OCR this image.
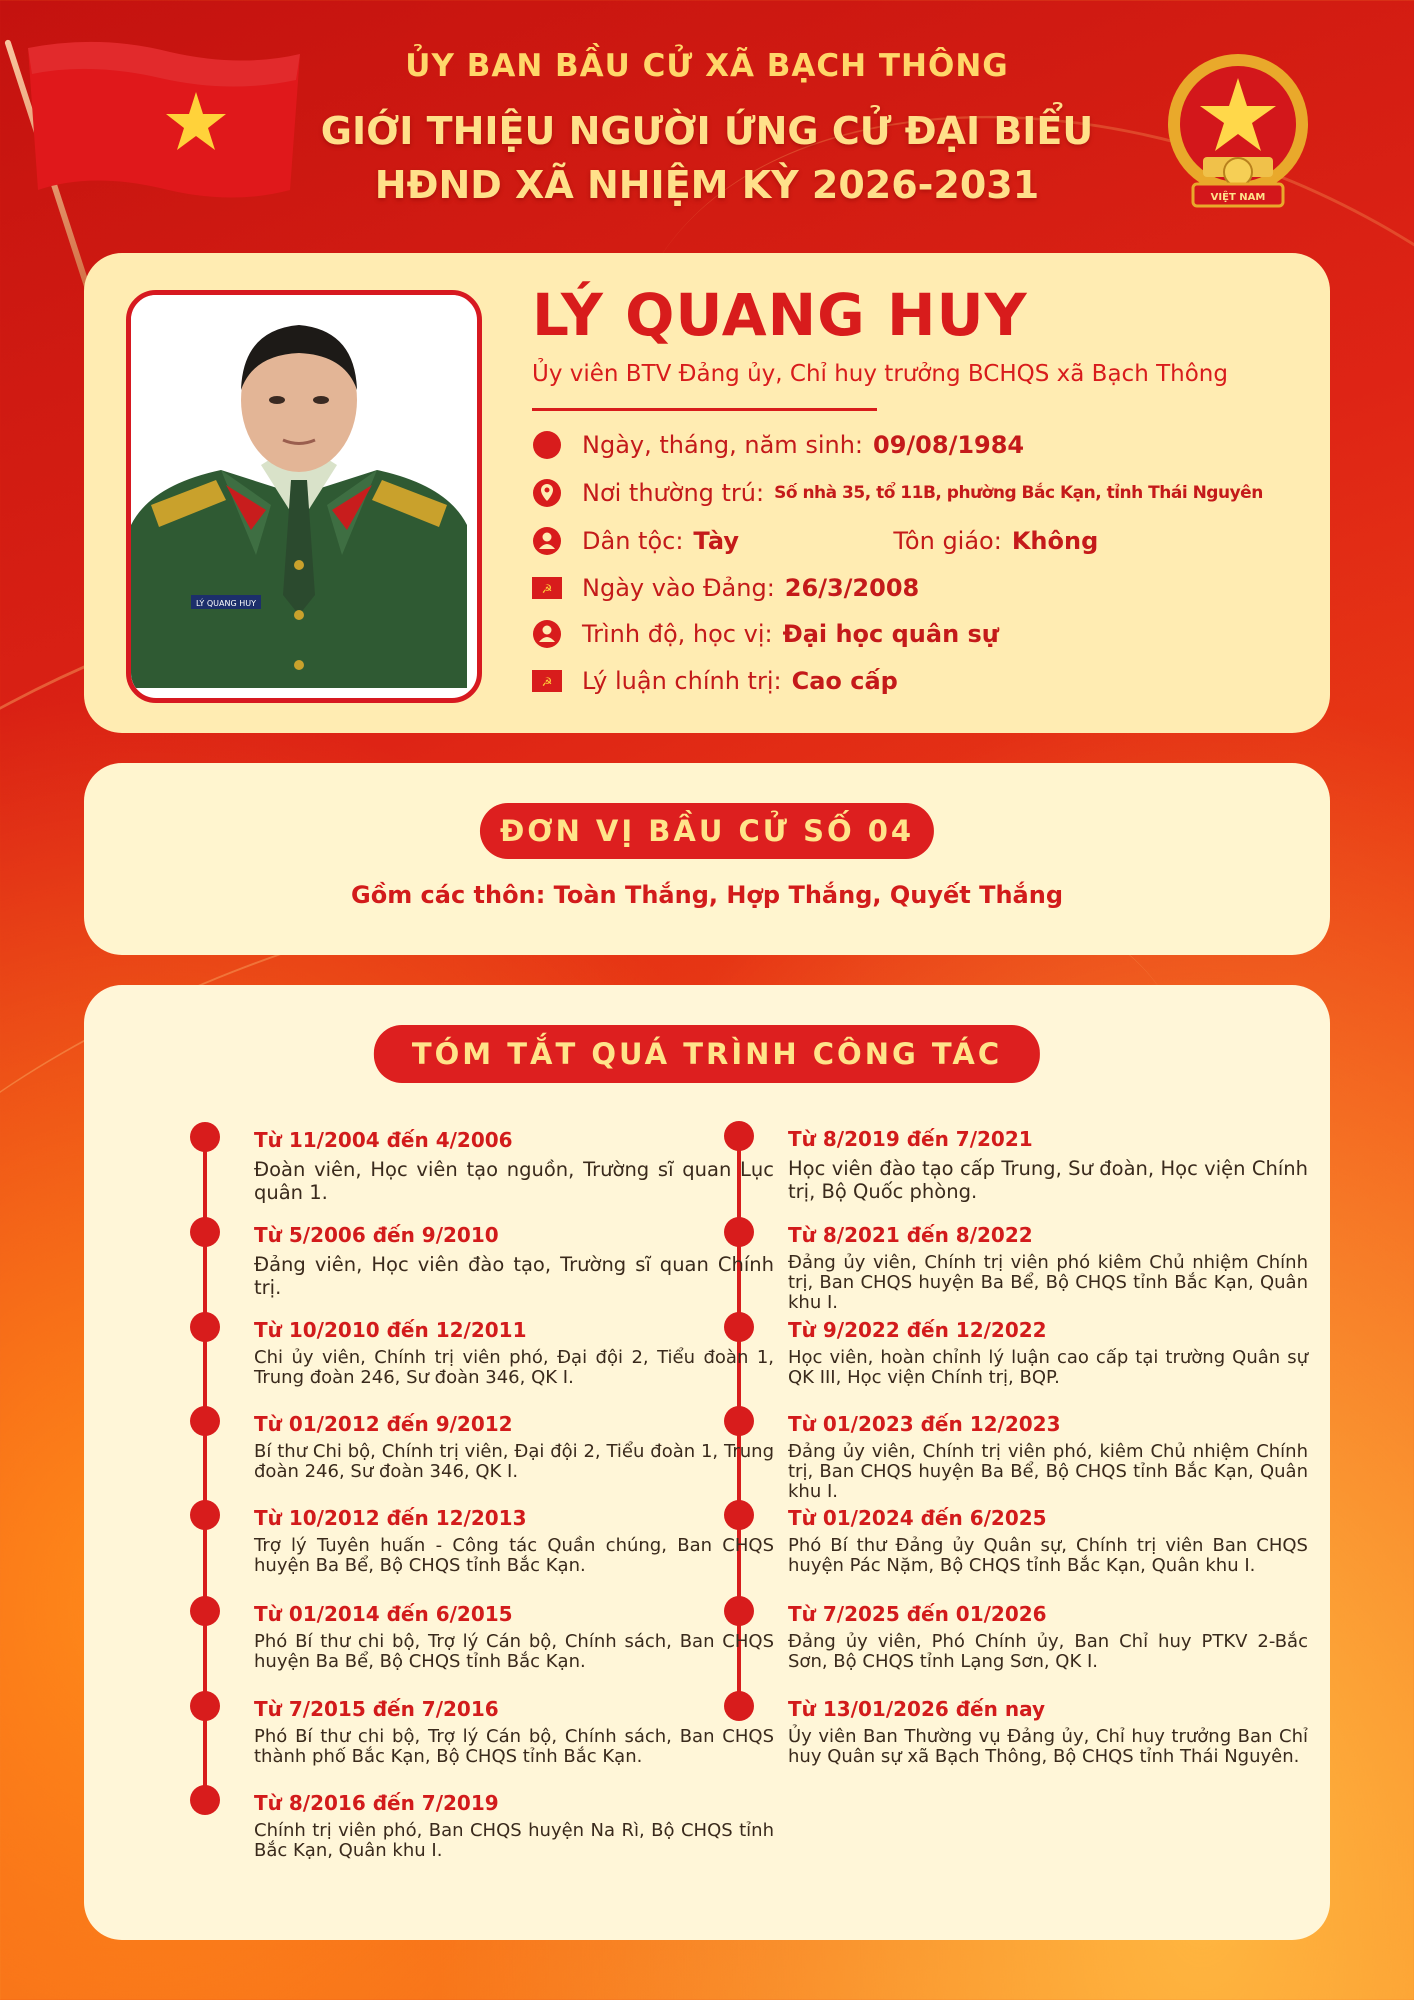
ỦY BAN BẦU CỬ XÃ BẠCH THÔNG
GIỚI THIỆU NGƯỜI ỨNG CỬ ĐẠI BIỂU
HĐND XÃ NHIỆM KỲ 2026-2031	VIỆT NAM
LÝ QUANG HUY
LÝ QUANG HUY
Ủy viên BTV Đảng ủy, Chỉ huy trưởng BCHQS xã Bạch Thông
Ngày, tháng, năm sinh: 09/08/1984
Nơi thường trú: Số nhà 35, tổ 11B, phường Bắc Kạn, tỉnh Thái Nguyên
Dân tộc: Tày	Tôn giáo: Không
☭ Ngày vào Đảng: 26/3/2008
Trình độ, học vị: Đại học quân sự
☭ Lý luận chính trị: Cao cấp
ĐƠN VỊ BẦU CỬ SỐ 04
Gồm các thôn: Toàn Thắng, Hợp Thắng, Quyết Thắng
TÓM TẮT QUÁ TRÌNH CÔNG TÁC
Từ 11/2004 đến 4/2006
Đoàn viên, Học viên tạo nguồn, Trường sĩ quan Lục quân 1.
Từ 5/2006 đến 9/2010
Đảng viên, Học viên đào tạo, Trường sĩ quan Chính trị.
Từ 10/2010 đến 12/2011
Chi ủy viên, Chính trị viên phó, Đại đội 2, Tiểu đoàn 1, Trung đoàn 246, Sư đoàn 346, QK I.
Từ 01/2012 đến 9/2012
Bí thư Chi bộ, Chính trị viên, Đại đội 2, Tiểu đoàn 1, Trung đoàn 246, Sư đoàn 346, QK I.
Từ 10/2012 đến 12/2013
Trợ lý Tuyên huấn - Công tác Quần chúng, Ban CHQS huyện Ba Bể, Bộ CHQS tỉnh Bắc Kạn.
Từ 01/2014 đến 6/2015
Phó Bí thư chi bộ, Trợ lý Cán bộ, Chính sách, Ban CHQS huyện Ba Bể, Bộ CHQS tỉnh Bắc Kạn.
Từ 7/2015 đến 7/2016
Phó Bí thư chi bộ, Trợ lý Cán bộ, Chính sách, Ban CHQS thành phố Bắc Kạn, Bộ CHQS tỉnh Bắc Kạn.
Từ 8/2016 đến 7/2019
Chính trị viên phó, Ban CHQS huyện Na Rì, Bộ CHQS tỉnh Bắc Kạn, Quân khu I.
Từ 8/2019 đến 7/2021
Học viên đào tạo cấp Trung, Sư đoàn, Học viện Chính trị, Bộ Quốc phòng.
Từ 8/2021 đến 8/2022
Đảng ủy viên, Chính trị viên phó kiêm Chủ nhiệm Chính trị, Ban CHQS huyện Ba Bể, Bộ CHQS tỉnh Bắc Kạn, Quân khu I.
Từ 9/2022 đến 12/2022
Học viên, hoàn chỉnh lý luận cao cấp tại trường Quân sự QK III, Học viện Chính trị, BQP.
Từ 01/2023 đến 12/2023
Đảng ủy viên, Chính trị viên phó, kiêm Chủ nhiệm Chính trị, Ban CHQS huyện Ba Bể, Bộ CHQS tỉnh Bắc Kạn, Quân khu I.
Từ 01/2024 đến 6/2025
Phó Bí thư Đảng ủy Quân sự, Chính trị viên Ban CHQS huyện Pác Nặm, Bộ CHQS tỉnh Bắc Kạn, Quân khu I.
Từ 7/2025 đến 01/2026
Đảng ủy viên, Phó Chính ủy, Ban Chỉ huy PTKV 2-Bắc Sơn, Bộ CHQS tỉnh Lạng Sơn, QK I.
Từ 13/01/2026 đến nay
Ủy viên Ban Thường vụ Đảng ủy, Chỉ huy trưởng Ban Chỉ huy Quân sự xã Bạch Thông, Bộ CHQS tỉnh Thái Nguyên.
